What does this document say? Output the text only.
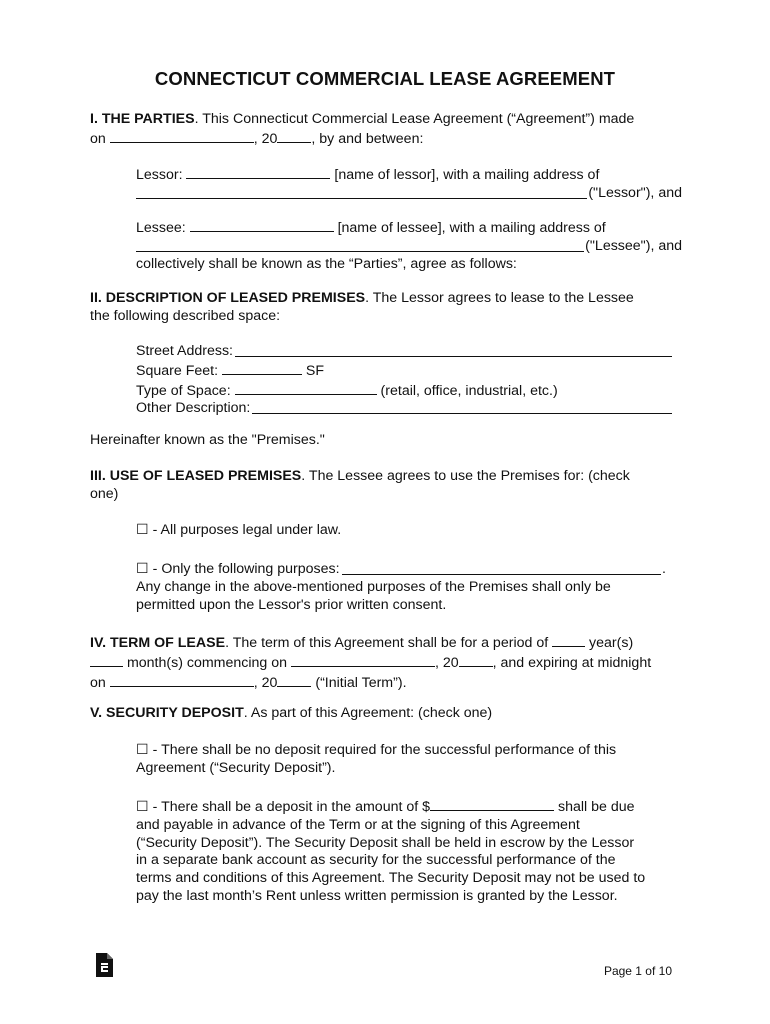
CONNECTICUT COMMERCIAL LEASE AGREEMENT
I. THE PARTIES. This Connecticut Commercial Lease Agreement (“Agreement”) made
on	, 20 , by and between:
Lessor:	[name of lessor], with a mailing address of
("Lessor"), and
Lessee:	[name of lessee], with a mailing address of
("Lessee"), and
collectively shall be known as the “Parties”, agree as follows:
II. DESCRIPTION OF LEASED PREMISES. The Lessor agrees to lease to the Lessee
the following described space:
Street Address:
Square Feet:	SF
Type of Space:	(retail, office, industrial, etc.)
Other Description:
Hereinafter known as the "Premises."
III. USE OF LEASED PREMISES. The Lessee agrees to use the Premises for: (check
one)
☐ - All purposes legal under law.
☐ - Only the following purposes:	.
Any change in the above-mentioned purposes of the Premises shall only be
permitted upon the Lessor's prior written consent.
IV. TERM OF LEASE. The term of this Agreement shall be for a period of  year(s)
month(s) commencing on	, 20 , and expiring at midnight
on	, 20 (“Initial Term”).
V. SECURITY DEPOSIT. As part of this Agreement: (check one)
☐ - There shall be no deposit required for the successful performance of this
Agreement (“Security Deposit”).
☐ - There shall be a deposit in the amount of $	shall be due
and payable in advance of the Term or at the signing of this Agreement
(“Security Deposit”). The Security Deposit shall be held in escrow by the Lessor
in a separate bank account as security for the successful performance of the
terms and conditions of this Agreement. The Security Deposit may not be used to
pay the last month’s Rent unless written permission is granted by the Lessor.
Page 1 of 10
